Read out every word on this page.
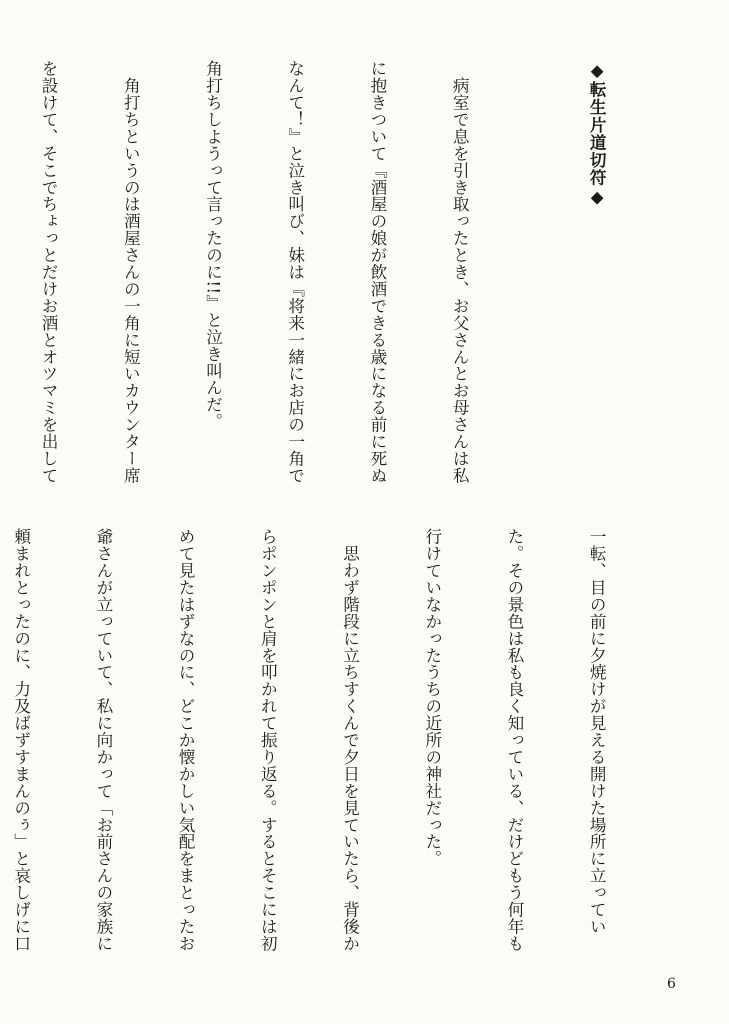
◆転生片道切符◆

　病室で息を引き取ったとき、お父さんとお母さんは私

に抱きついて『酒屋の娘が飲酒できる歳になる前に死ぬ

なんて！』と泣き叫び、妹は『将来一緒にお店の一角で

角打ちしようって言ったのに!!』と泣き叫んだ。

　角打ちというのは酒屋さんの一角に短いカウンター席

を設けて、そこでちょっとだけお酒とオツマミを出して

一転、目の前に夕焼けが見える開けた場所に立ってい

た。その景色は私も良く知っている、だけどもう何年も

行けていなかったうちの近所の神社だった。

　思わず階段に立ちすくんで夕日を見ていたら、背後か

らポンポンと肩を叩かれて振り返る。するとそこには初

めて見たはずなのに、どこか懐かしい気配をまとったお

爺さんが立っていて、私に向かって「お前さんの家族に

頼まれとったのに、力及ばずすまんのぅ」と哀しげに口

6
